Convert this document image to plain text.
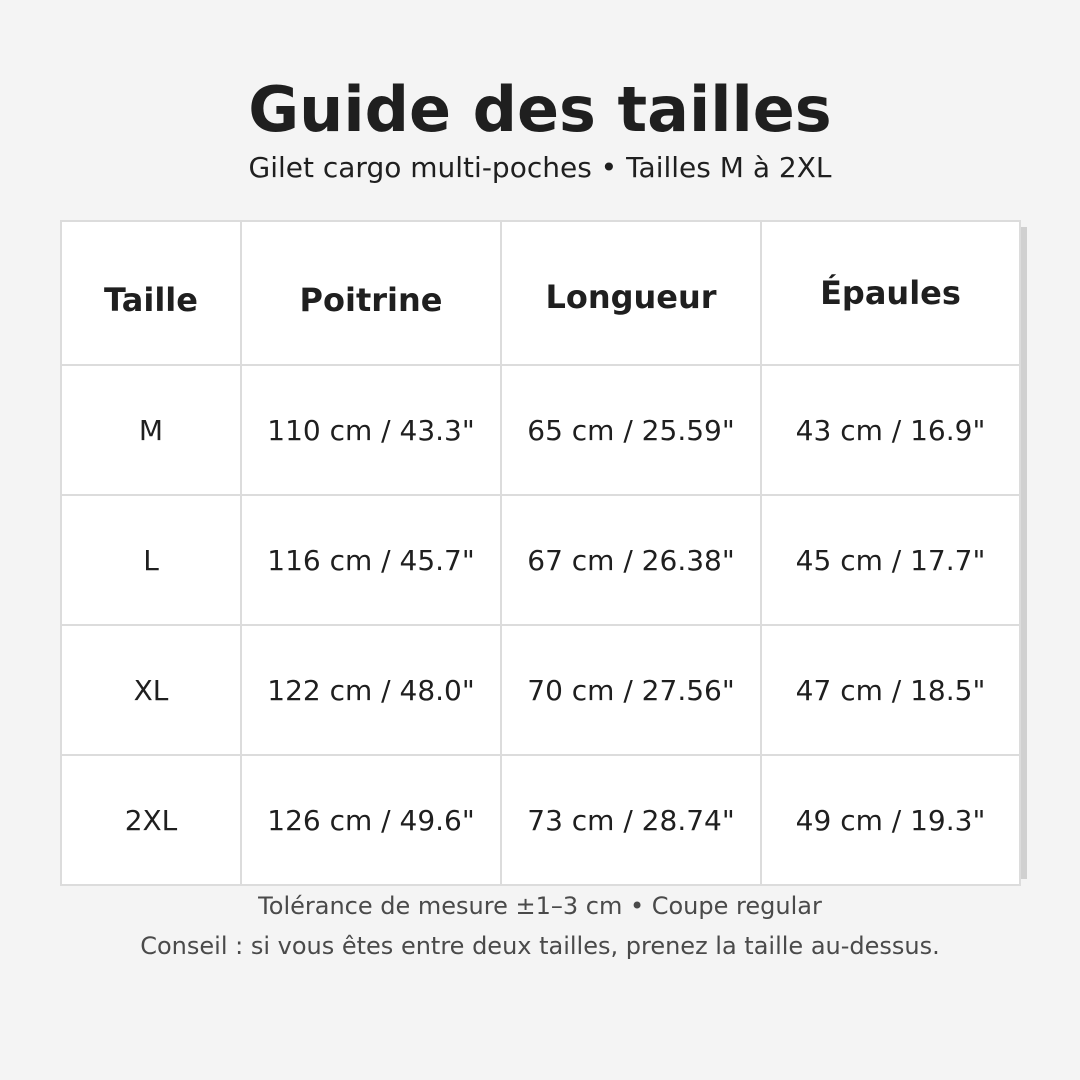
Guide des tailles
Gilet cargo multi-poches • Tailles M à 2XL
Taille	Poitrine	Longueur	Épaules
M	110 cm / 43.3"	65 cm / 25.59"	43 cm / 16.9"
L	116 cm / 45.7"	67 cm / 26.38"	45 cm / 17.7"
XL	122 cm / 48.0"	70 cm / 27.56"	47 cm / 18.5"
2XL	126 cm / 49.6"	73 cm / 28.74"	49 cm / 19.3"
Tolérance de mesure ±1–3 cm • Coupe regular
Conseil : si vous êtes entre deux tailles, prenez la taille au-dessus.
